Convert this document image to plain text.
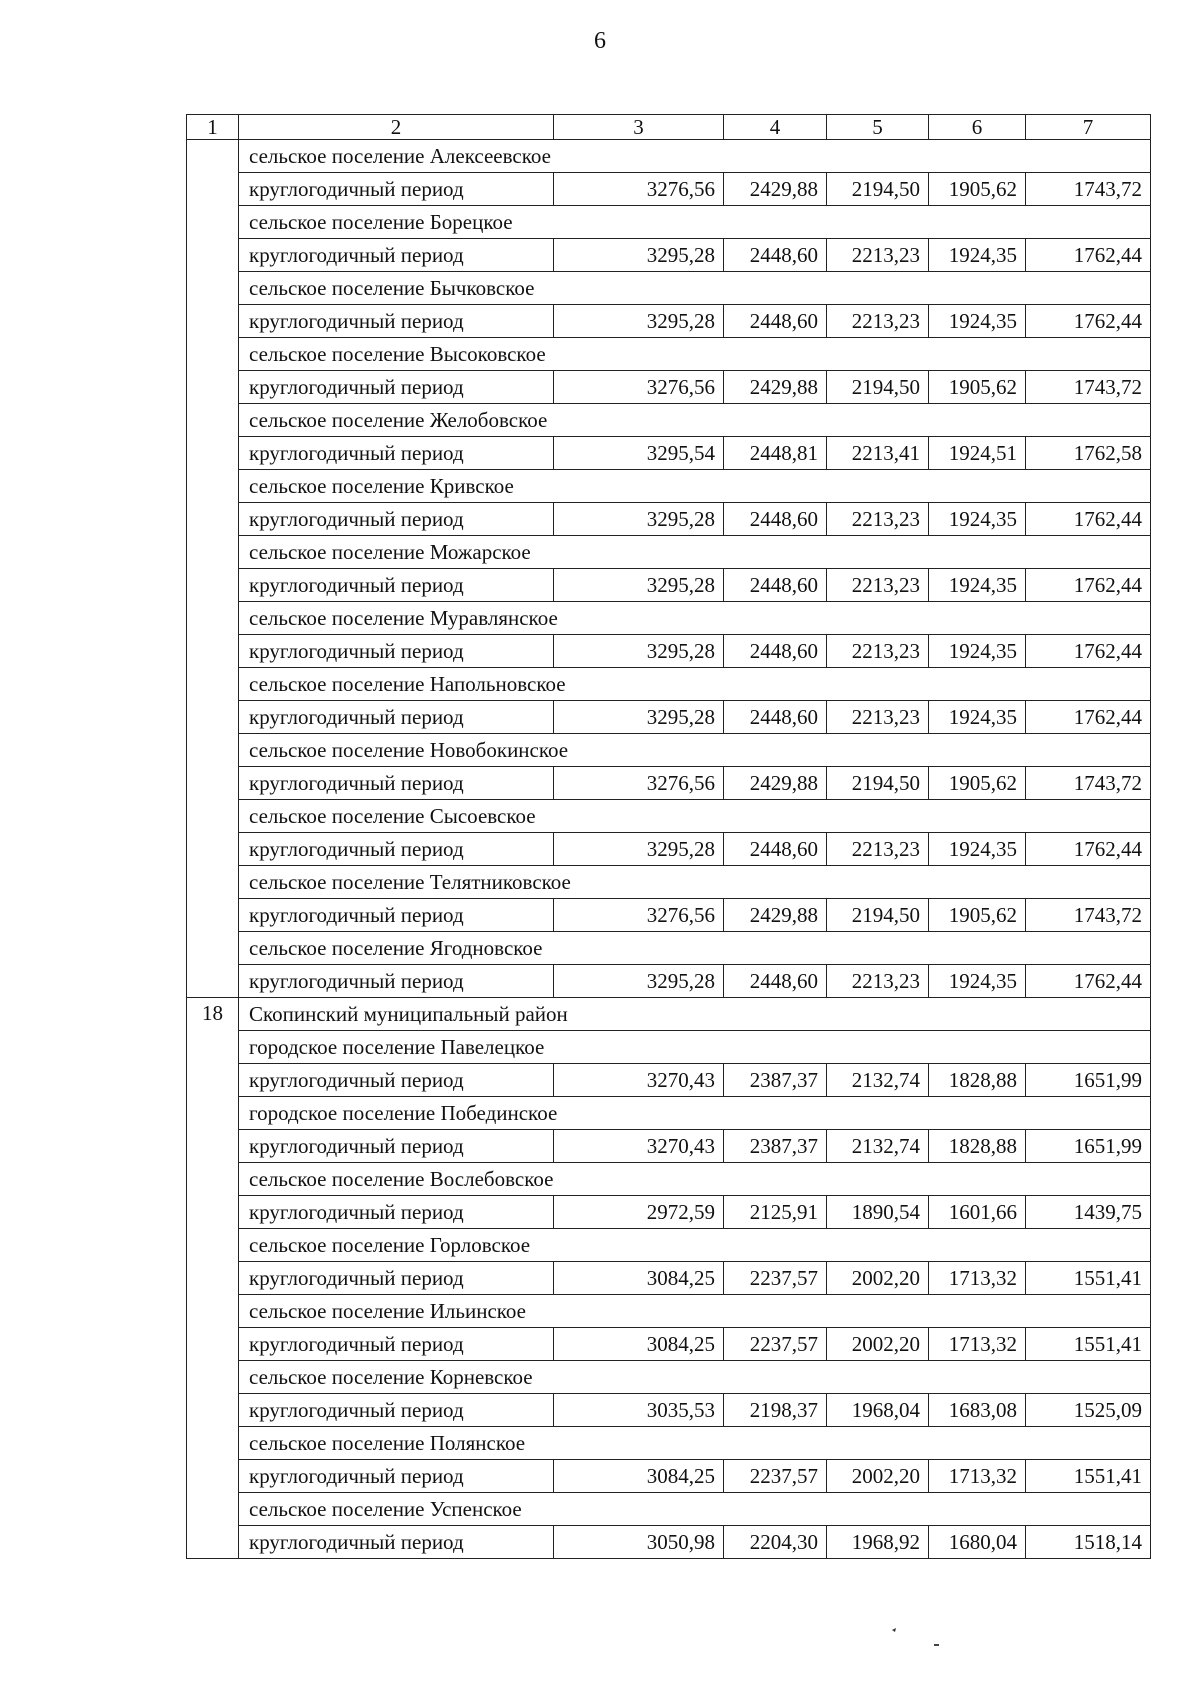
6
1	2	3	4	5	6	7
	сельское поселение Алексеевское					
	круглогодичный период	3276,56	2429,88	2194,50	1905,62	1743,72
	сельское поселение Борецкое					
	круглогодичный период	3295,28	2448,60	2213,23	1924,35	1762,44
	сельское поселение Бычковское					
	круглогодичный период	3295,28	2448,60	2213,23	1924,35	1762,44
	сельское поселение Высоковское					
	круглогодичный период	3276,56	2429,88	2194,50	1905,62	1743,72
	сельское поселение Желобовское					
	круглогодичный период	3295,54	2448,81	2213,41	1924,51	1762,58
	сельское поселение Кривское					
	круглогодичный период	3295,28	2448,60	2213,23	1924,35	1762,44
	сельское поселение Можарское					
	круглогодичный период	3295,28	2448,60	2213,23	1924,35	1762,44
	сельское поселение Муравлянское					
	круглогодичный период	3295,28	2448,60	2213,23	1924,35	1762,44
	сельское поселение Напольновское					
	круглогодичный период	3295,28	2448,60	2213,23	1924,35	1762,44
	сельское поселение Новобокинское					
	круглогодичный период	3276,56	2429,88	2194,50	1905,62	1743,72
	сельское поселение Сысоевское					
	круглогодичный период	3295,28	2448,60	2213,23	1924,35	1762,44
	сельское поселение Телятниковское					
	круглогодичный период	3276,56	2429,88	2194,50	1905,62	1743,72
	сельское поселение Ягодновское					
	круглогодичный период	3295,28	2448,60	2213,23	1924,35	1762,44
18	Скопинский муниципальный район					
	городское поселение Павелецкое					
	круглогодичный период	3270,43	2387,37	2132,74	1828,88	1651,99
	городское поселение Побединское					
	круглогодичный период	3270,43	2387,37	2132,74	1828,88	1651,99
	сельское поселение Вослебовское					
	круглогодичный период	2972,59	2125,91	1890,54	1601,66	1439,75
	сельское поселение Горловское					
	круглогодичный период	3084,25	2237,57	2002,20	1713,32	1551,41
	сельское поселение Ильинское					
	круглогодичный период	3084,25	2237,57	2002,20	1713,32	1551,41
	сельское поселение Корневское					
	круглогодичный период	3035,53	2198,37	1968,04	1683,08	1525,09
	сельское поселение Полянское					
	круглогодичный период	3084,25	2237,57	2002,20	1713,32	1551,41
	сельское поселение Успенское					
	круглогодичный период	3050,98	2204,30	1968,92	1680,04	1518,14
